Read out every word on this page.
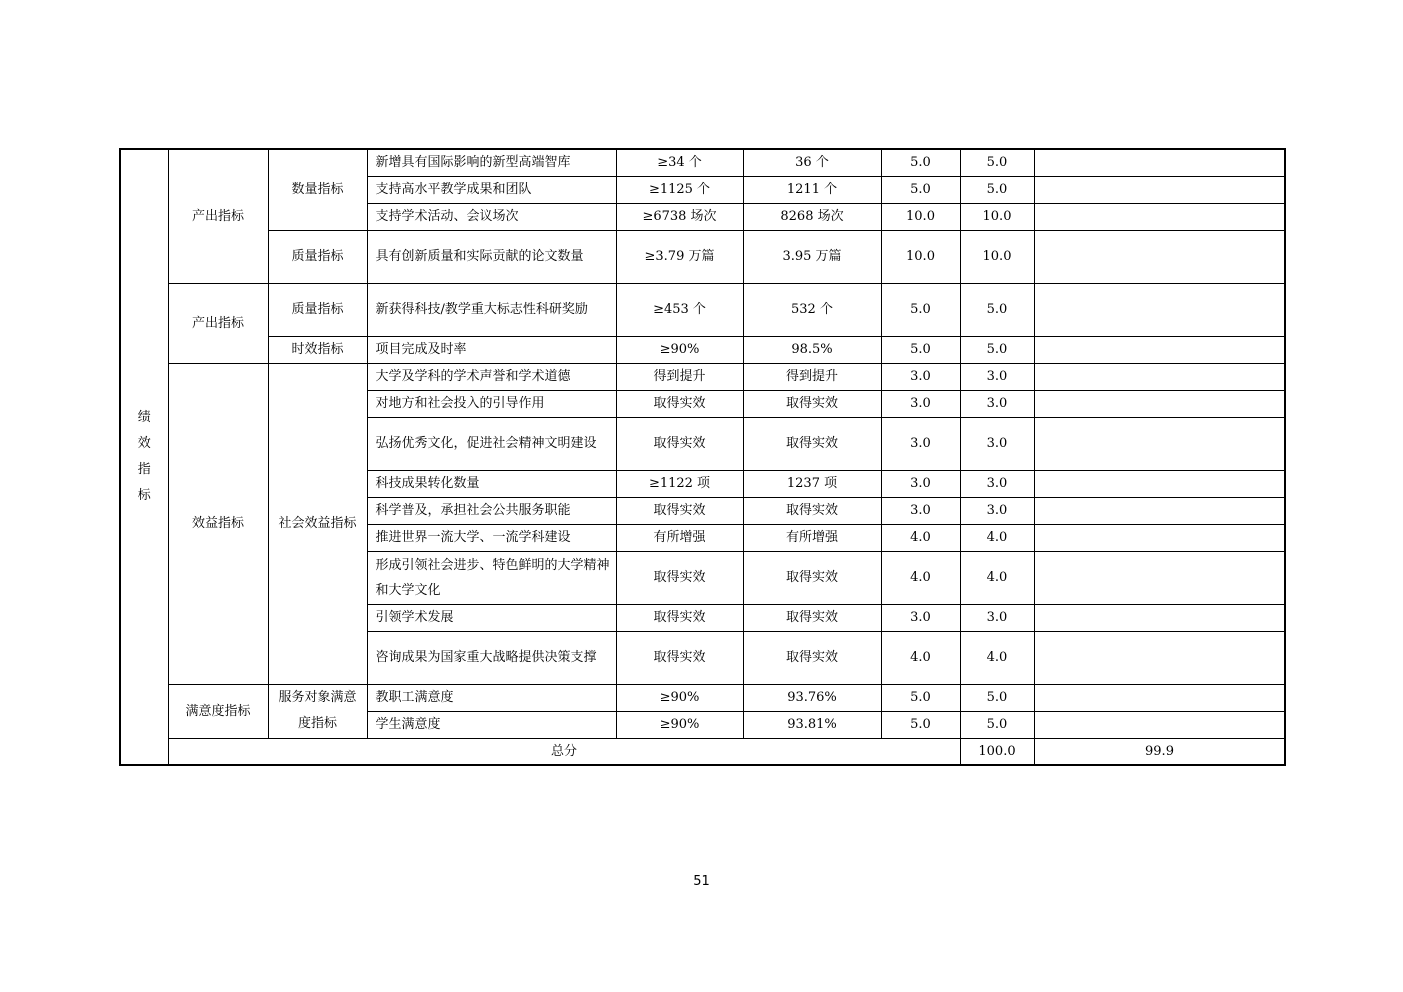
绩效指标	产出指标	数量指标	新增具有国际影响的新型高端智库	≥34 个	36 个	5.0	5.0		
			支持高水平教学成果和团队	≥1125 个	1211 个	5.0	5.0		
			支持学术活动、会议场次	≥6738 场次	8268 场次	10.0	10.0		
		质量指标	具有创新质量和实际贡献的论文数量	≥3.79 万篇	3.95 万篇	10.0	10.0		
	产出指标	质量指标	新获得科技/教学重大标志性科研奖励	≥453 个	532 个	5.0	5.0		
		时效指标	项目完成及时率	≥90%	98.5%	5.0	5.0		
	效益指标	社会效益指标	大学及学科的学术声誉和学术道德	得到提升	得到提升	3.0	3.0		
			对地方和社会投入的引导作用	取得实效	取得实效	3.0	3.0		
			弘扬优秀文化，促进社会精神文明建设	取得实效	取得实效	3.0	3.0		
			科技成果转化数量	≥1122 项	1237 项	3.0	3.0		
			科学普及，承担社会公共服务职能	取得实效	取得实效	3.0	3.0		
			推进世界一流大学、一流学科建设	有所增强	有所增强	4.0	4.0		
			形成引领社会进步、特色鲜明的大学精神和大学文化	取得实效	取得实效	4.0	4.0		
			引领学术发展	取得实效	取得实效	3.0	3.0		
			咨询成果为国家重大战略提供决策支撑	取得实效	取得实效	4.0	4.0		
	满意度指标	服务对象满意度指标	教职工满意度	≥90%	93.76%	5.0	5.0		
			学生满意度	≥90%	93.81%	5.0	5.0		
	总分						100.0	99.9	
51
